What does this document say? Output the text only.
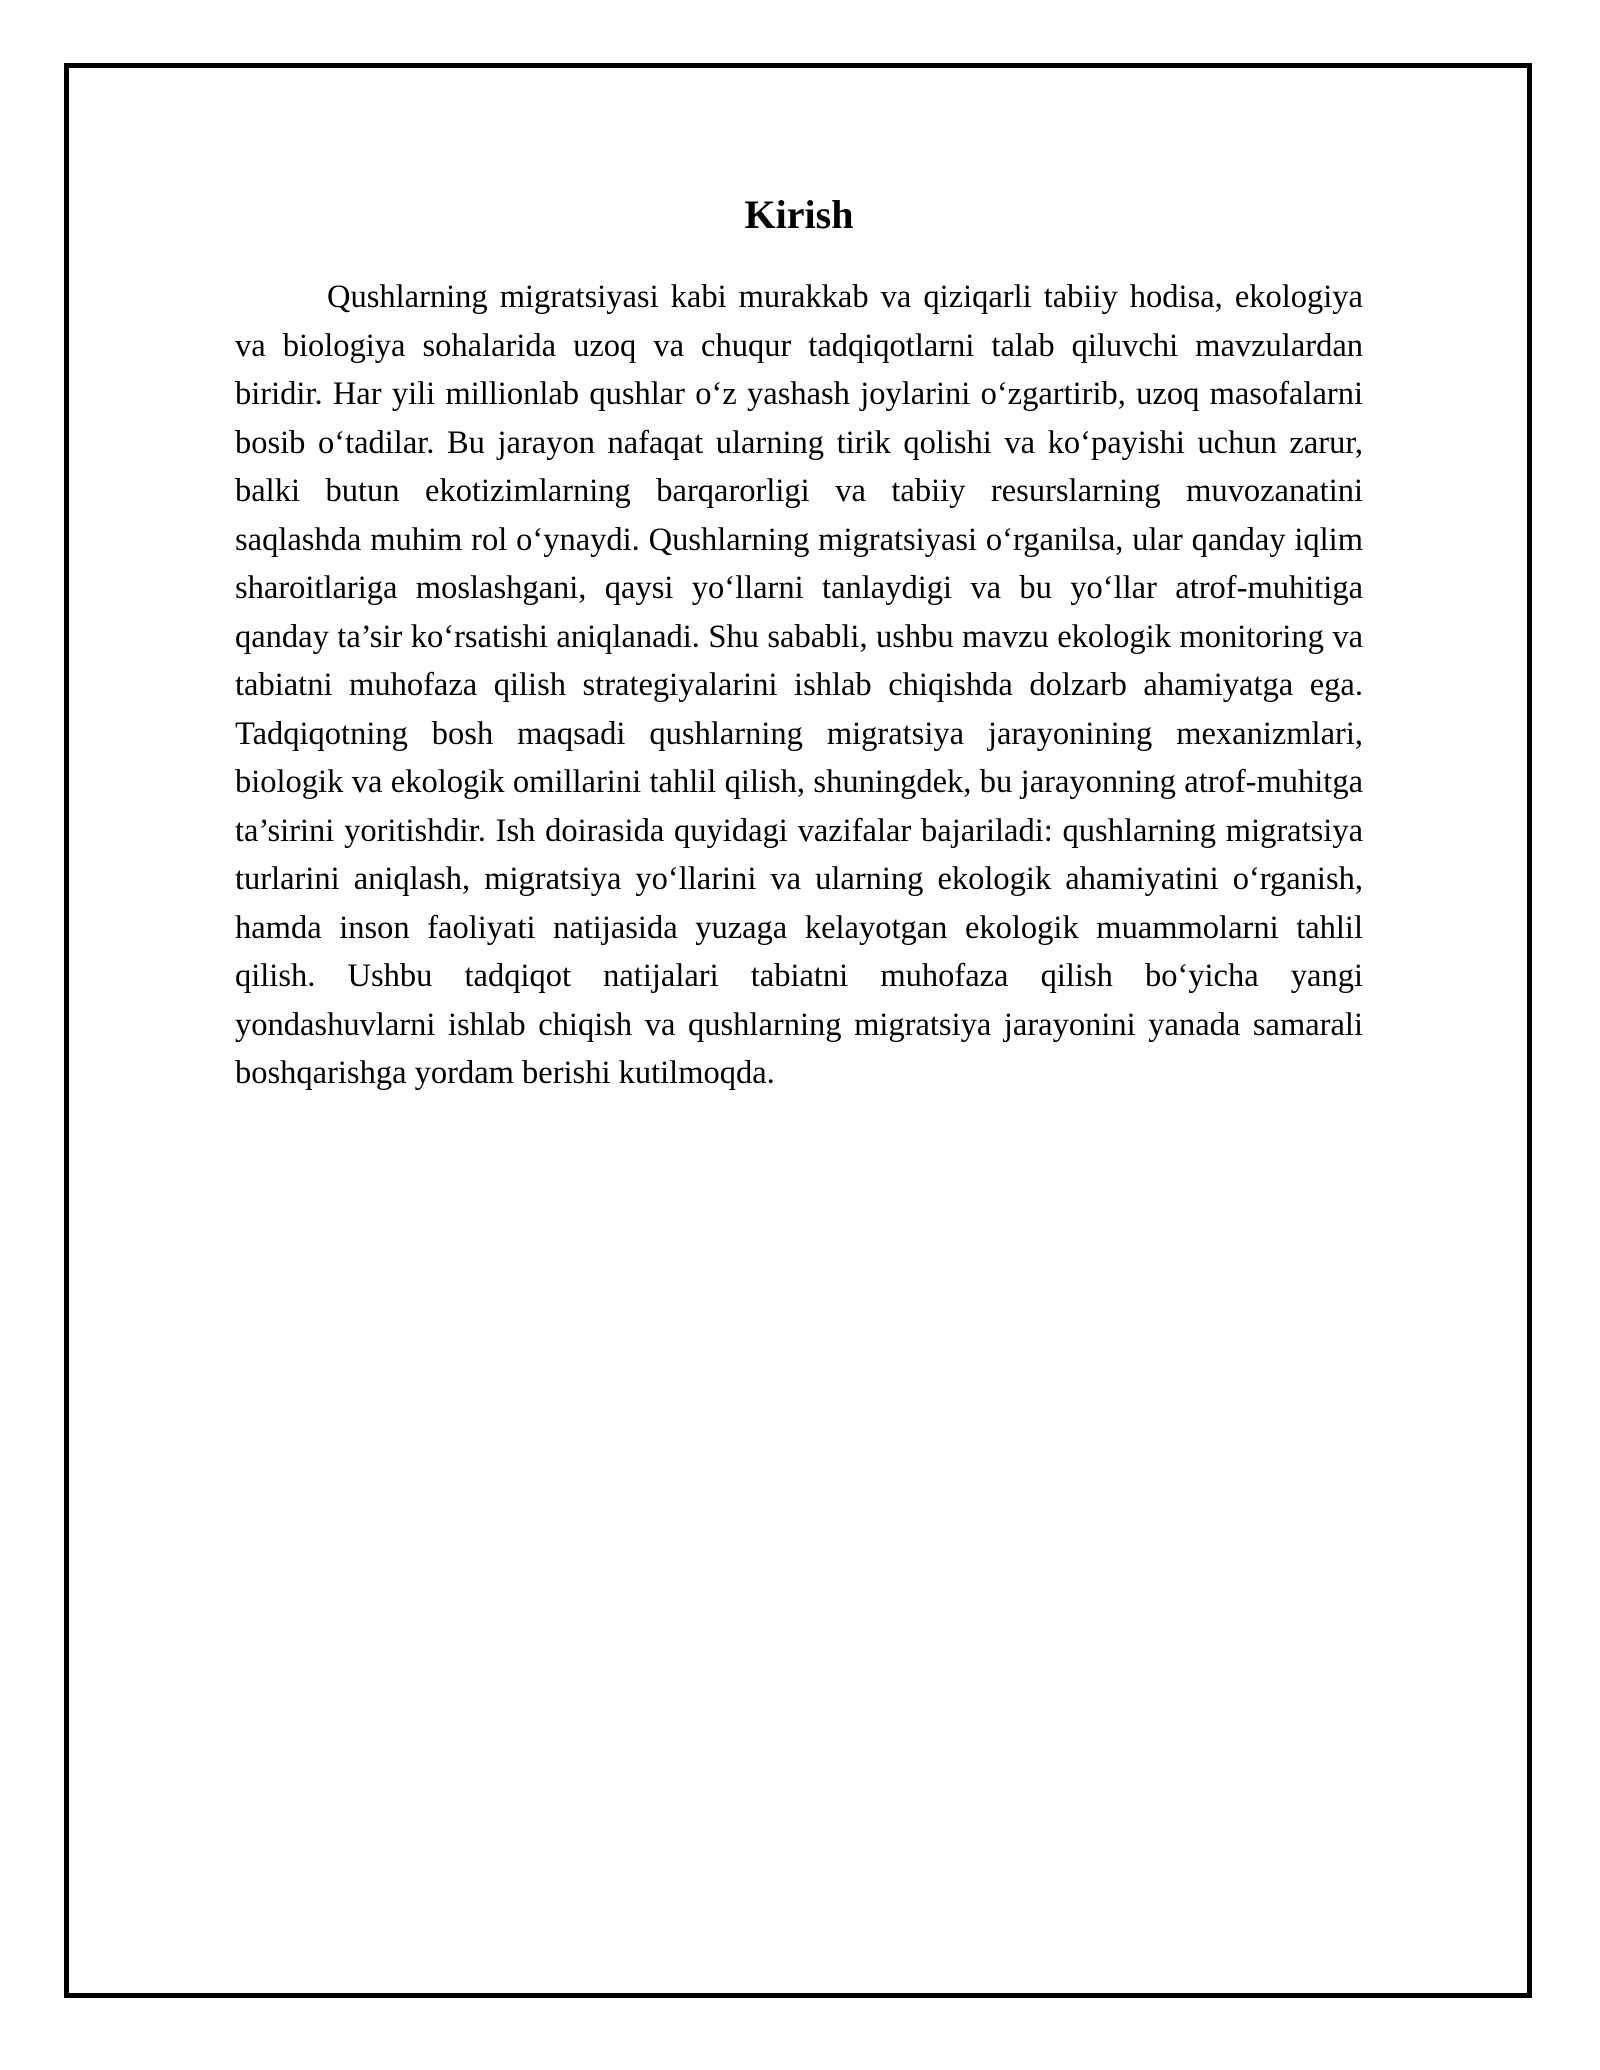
Kirish

Qushlarning migratsiyasi kabi murakkab va qiziqarli tabiiy hodisa, ekologiya va biologiya sohalarida uzoq va chuqur tadqiqotlarni talab qiluvchi mavzulardan biridir. Har yili millionlab qushlar o‘z yashash joylarini o‘zgartirib, uzoq masofalarni bosib o‘tadilar. Bu jarayon nafaqat ularning tirik qolishi va ko‘payishi uchun zarur, balki butun ekotizimlarning barqarorligi va tabiiy resurslarning muvozanatini saqlashda muhim rol o‘ynaydi. Qushlarning migratsiyasi o‘rganilsa, ular qanday iqlim sharoitlariga moslashgani, qaysi yo‘llarni tanlaydigi va bu yo‘llar atrof-muhitiga qanday ta’sir ko‘rsatishi aniqlanadi. Shu sababli, ushbu mavzu ekologik monitoring va tabiatni muhofaza qilish strategiyalarini ishlab chiqishda dolzarb ahamiyatga ega. Tadqiqotning bosh maqsadi qushlarning migratsiya jarayonining mexanizmlari, biologik va ekologik omillarini tahlil qilish, shuningdek, bu jarayonning atrof-muhitga ta’sirini yoritishdir. Ish doirasida quyidagi vazifalar bajariladi: qushlarning migratsiya turlarini aniqlash, migratsiya yo‘llarini va ularning ekologik ahamiyatini o‘rganish, hamda inson faoliyati natijasida yuzaga kelayotgan ekologik muammolarni tahlil qilish. Ushbu tadqiqot natijalari tabiatni muhofaza qilish bo‘yicha yangi yondashuvlarni ishlab chiqish va qushlarning migratsiya jarayonini yanada samarali boshqarishga yordam berishi kutilmoqda.
